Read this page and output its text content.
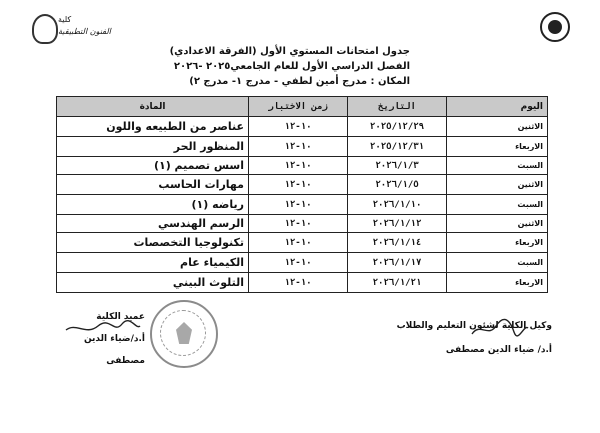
كلية
الفنون التطبيقية
جدول امتحانات المستوي الأول (الفرقة الاعدادي)
الفصل الدراسي الأول للعام الجامعي٢٠٢٥ -٢٠٢٦
المكان : مدرج أمين لطفي - مدرج ١- مدرج ٢)
اليوم	التاريخ	زمن الاختبار	المادة
الاثنين	٢٠٢٥/١٢/٢٩	١٠-١٢	عناصر من الطبيعه واللون
الاربعاء	٢٠٢٥/١٢/٣١	١٠-١٢	المنظور الحر
السبت	٢٠٢٦/١/٣	١٠-١٢	اسس تصميم (١)
الاثنين	٢٠٢٦/١/٥	١٠-١٢	مهارات الحاسب
السبت	٢٠٢٦/١/١٠	١٠-١٢	رياضه (١)
الاثنين	٢٠٢٦/١/١٢	١٠-١٢	الرسم الهندسي
الاربعاء	٢٠٢٦/١/١٤	١٠-١٢	تكنولوجيا التخصصات
السبت	٢٠٢٦/١/١٧	١٠-١٢	الكيمياء عام
الاربعاء	٢٠٢٦/١/٢١	١٠-١٢	التلوث البيني
وكيل الكلية لشئون التعليم والطلاب
أ.د/ ضياء الدين مصطفى
عميد الكلية
أ.د/ضياء الدين مصطفى
